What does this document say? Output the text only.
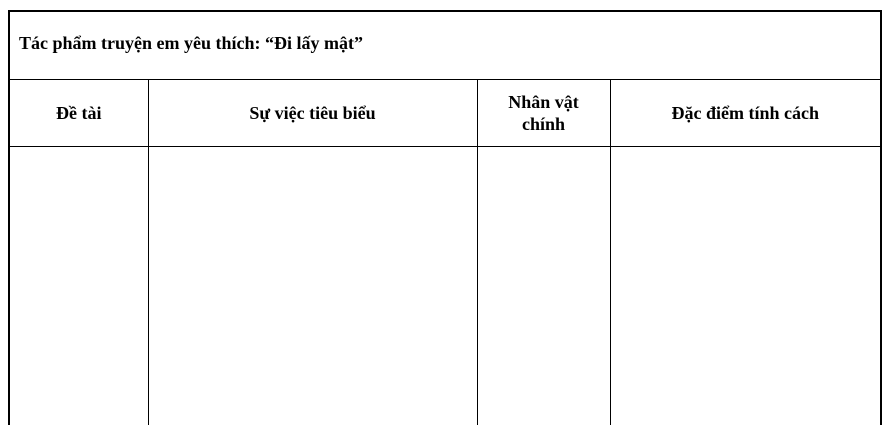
Tác phẩm truyện em yêu thích: “Đi lấy mật”			
Đề tài	Sự việc tiêu biểu	Nhân vật chính	Đặc điểm tính cách
